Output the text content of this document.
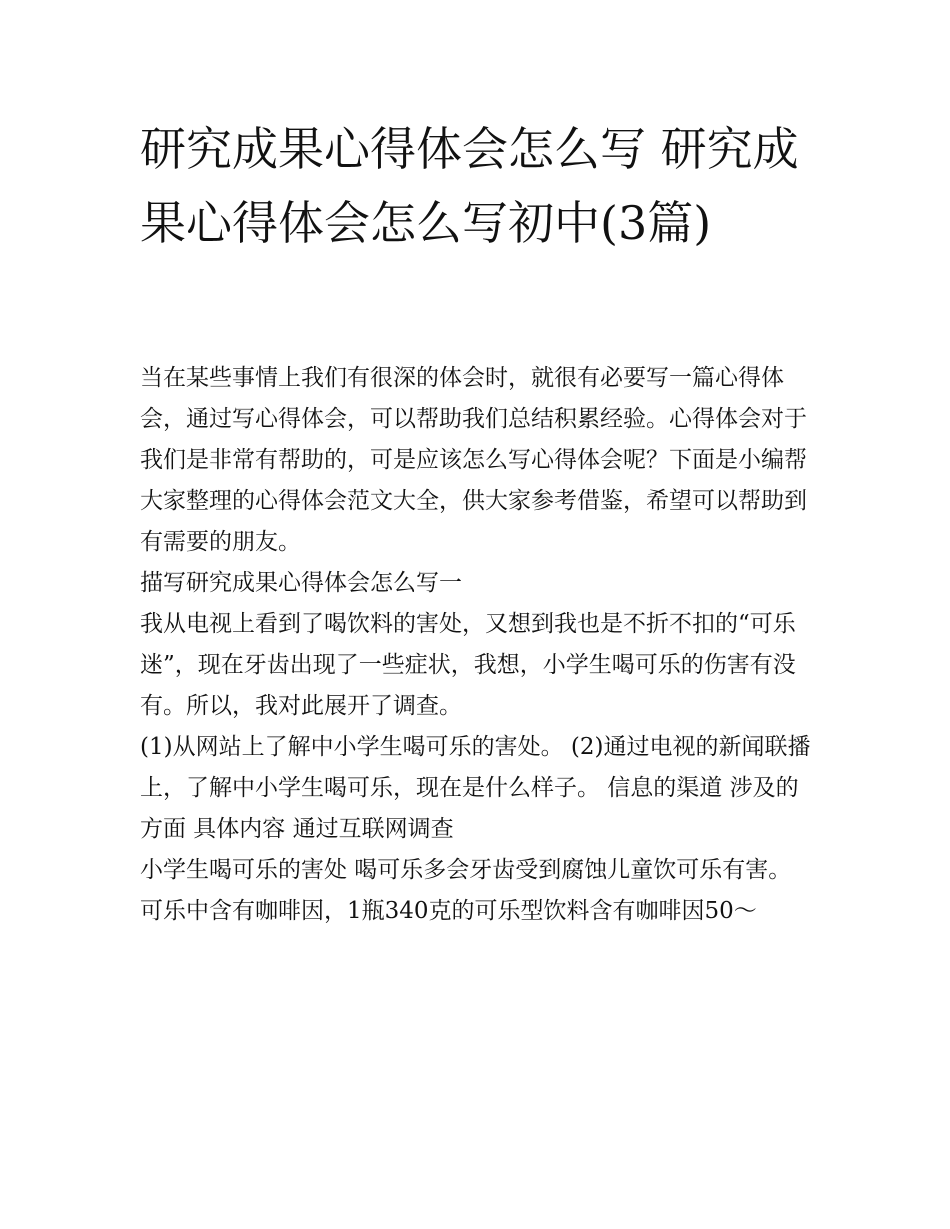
研究成果心得体会怎么写 研究成果心得体会怎么写初中(3篇)

当在某些事情上我们有很深的体会时，就很有必要写一篇心得体会，通过写心得体会，可以帮助我们总结积累经验。心得体会对于我们是非常有帮助的，可是应该怎么写心得体会呢？下面是小编帮大家整理的心得体会范文大全，供大家参考借鉴，希望可以帮助到有需要的朋友。

描写研究成果心得体会怎么写一

我从电视上看到了喝饮料的害处，又想到我也是不折不扣的“可乐迷”，现在牙齿出现了一些症状，我想，小学生喝可乐的伤害有没有。所以，我对此展开了调查。

(1)从网站上了解中小学生喝可乐的害处。 (2)通过电视的新闻联播上，了解中小学生喝可乐，现在是什么样子。 信息的渠道 涉及的方面 具体内容 通过互联网调查

小学生喝可乐的害处 喝可乐多会牙齿受到腐蚀儿童饮可乐有害。

可乐中含有咖啡因，1瓶340克的可乐型饮料含有咖啡因50～
